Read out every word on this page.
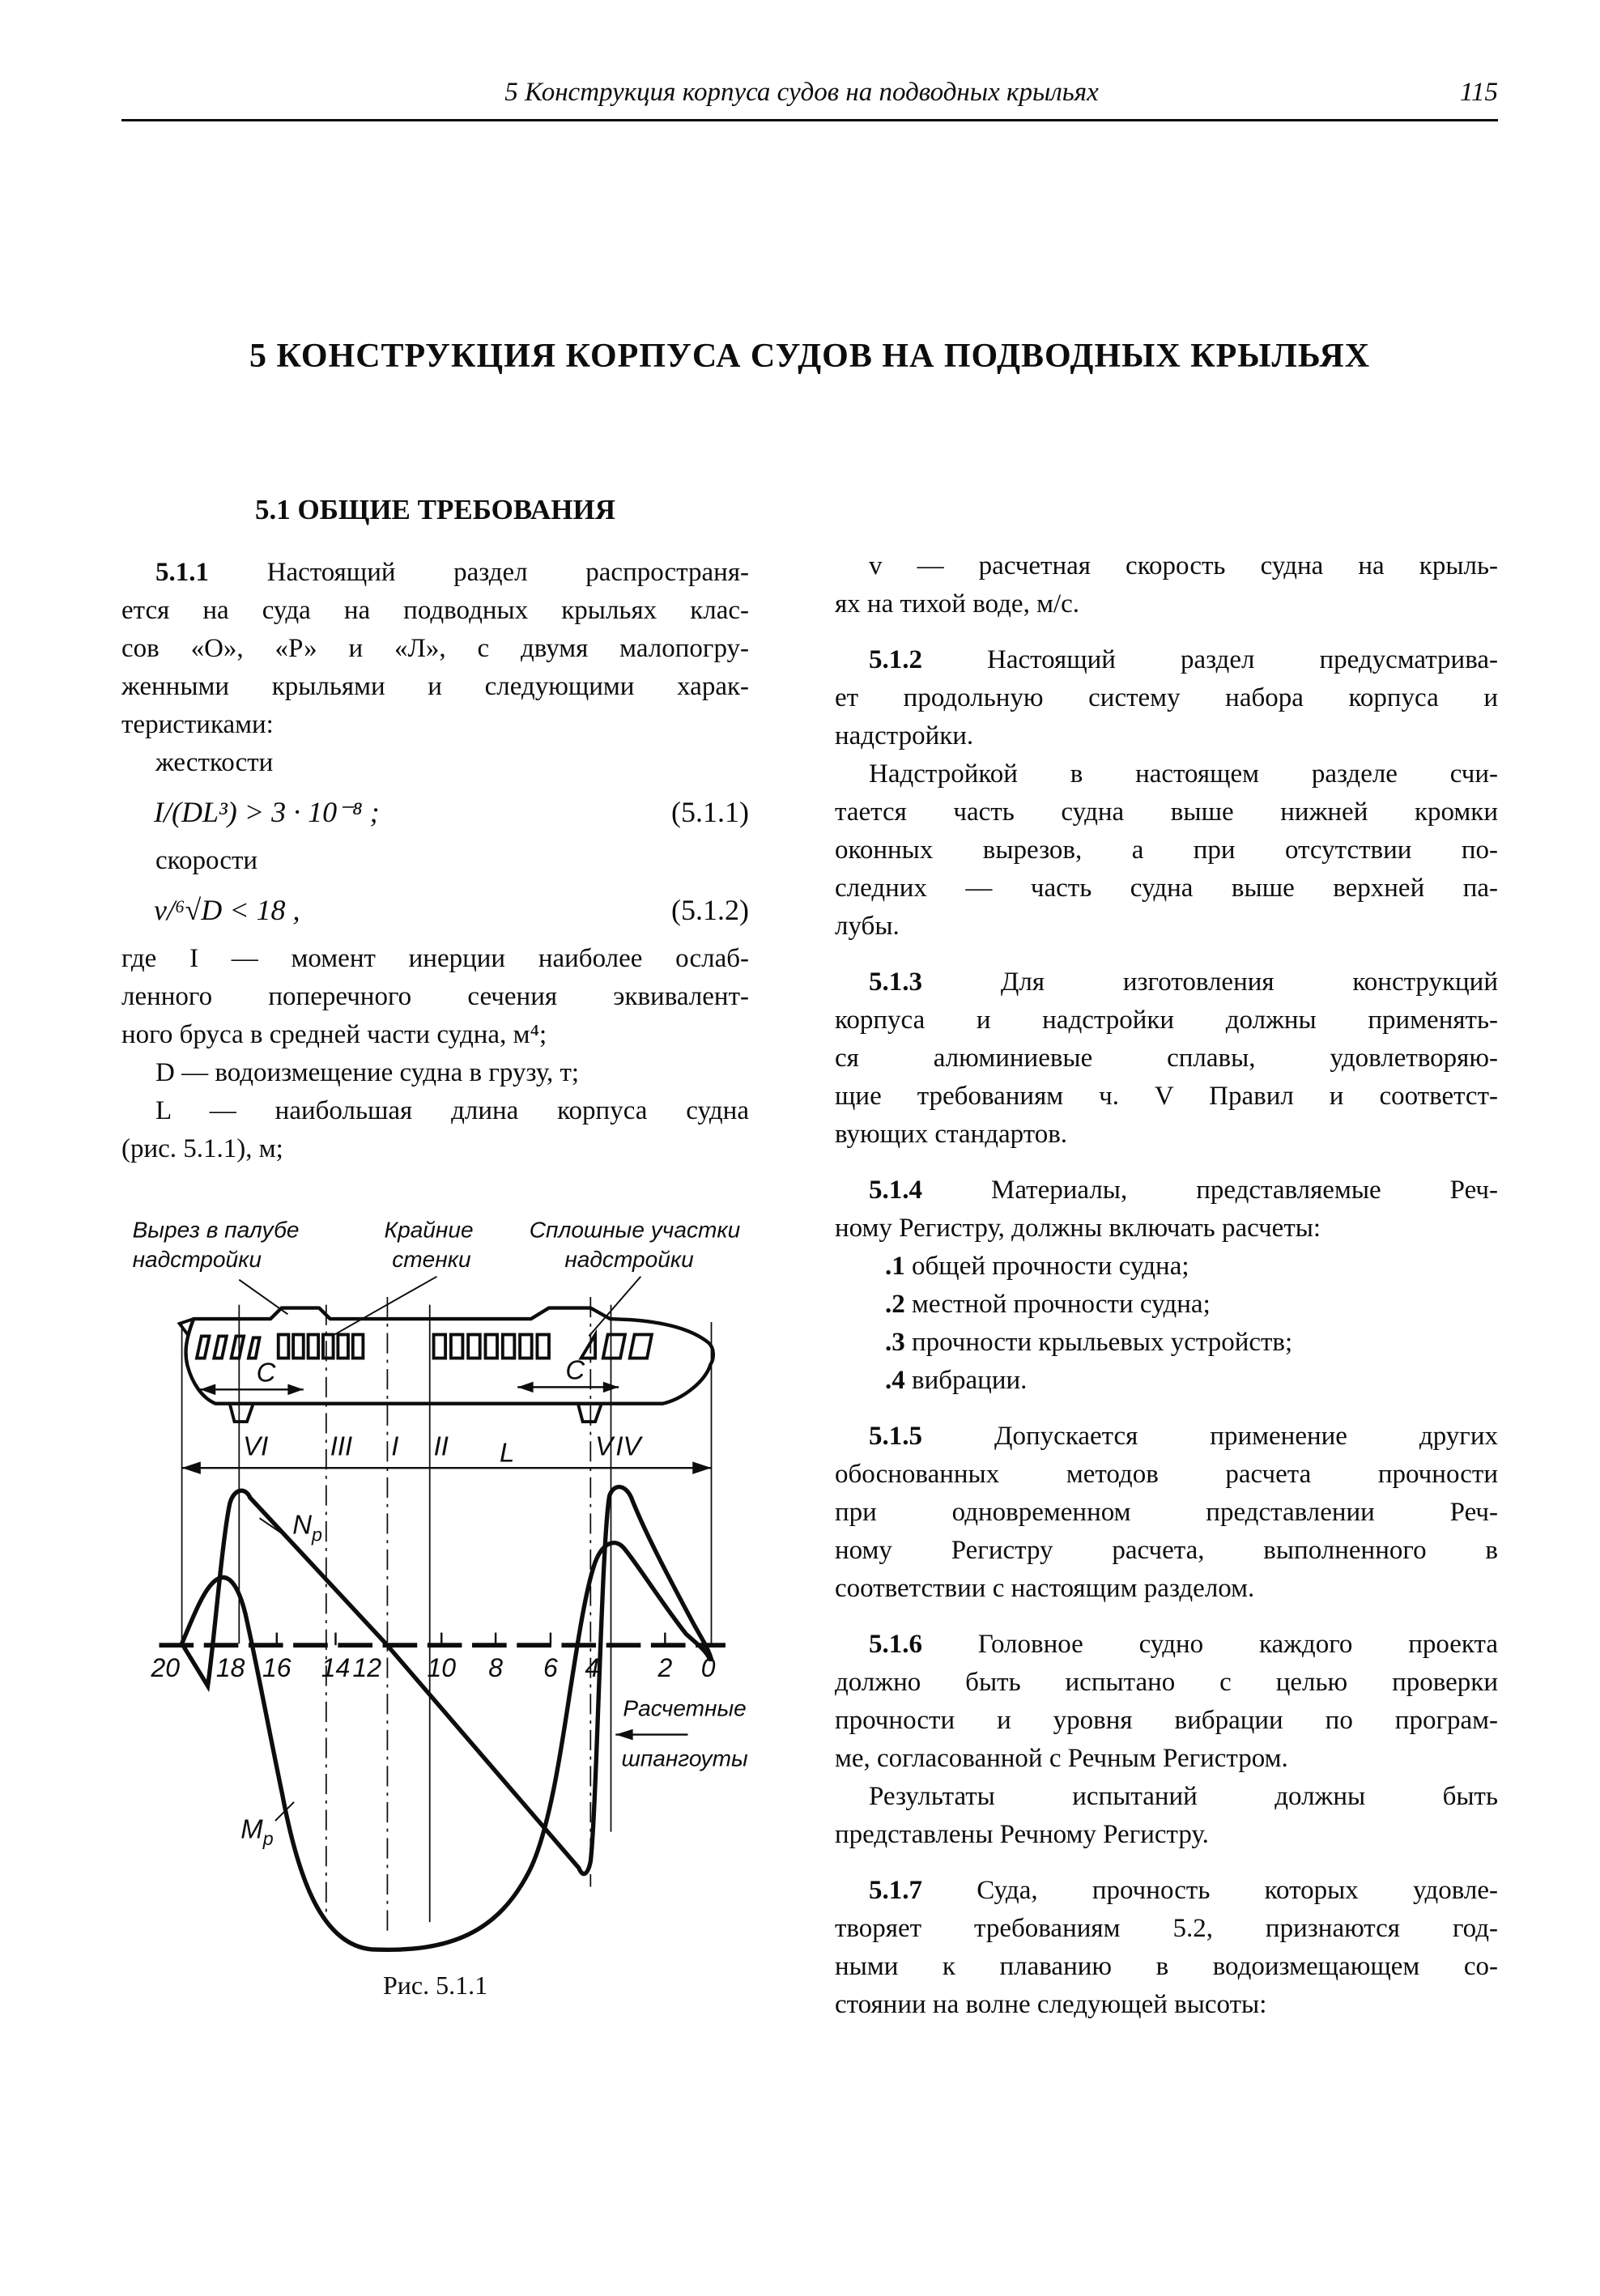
5 Конструкция корпуса судов на подводных крыльях	115
5 КОНСТРУКЦИЯ КОРПУСА СУДОВ НА ПОДВОДНЫХ КРЫЛЬЯХ
5.1 ОБЩИЕ ТРЕБОВАНИЯ
5.1.1 Настоящий раздел распространя-
ется на суда на подводных крыльях клас-
сов «О», «Р» и «Л», с двумя малопогру-
женными крыльями и следующими харак-
теристиками:
жесткости
I/(DL³) > 3 · 10⁻⁸ ;	(5.1.1)
скорости
v/⁶√D < 18 ,	(5.1.2)
где I — момент инерции наиболее ослаб-
ленного поперечного сечения эквивалент-
ного бруса в средней части судна, м⁴;
D — водоизмещение судна в грузу, т;
L — наибольшая длина корпуса судна
(рис. 5.1.1), м;
Вырез в палубе
надстройки
Крайние
стенки
Сплошные участки
надстройки
C	C
VI III I II	V IV
L
$N_p$
$M_p$
20 18 16 14 12 10 8 6 4 2 0
Расчетные
шпангоуты
Рис. 5.1.1
v — расчетная скорость судна на крыль-
ях на тихой воде, м/с.
5.1.2 Настоящий раздел предусматрива-
ет продольную систему набора корпуса и
надстройки.
Надстройкой в настоящем разделе счи-
тается часть судна выше нижней кромки
оконных вырезов, а при отсутствии по-
следних — часть судна выше верхней па-
лубы.
5.1.3 Для изготовления конструкций
корпуса и надстройки должны применять-
ся алюминиевые сплавы, удовлетворяю-
щие требованиям ч. V Правил и соответст-
вующих стандартов.
5.1.4 Материалы, представляемые Реч-
ному Регистру, должны включать расчеты:
.1 общей прочности судна;
.2 местной прочности судна;
.3 прочности крыльевых устройств;
.4 вибрации.
5.1.5 Допускается применение других
обоснованных методов расчета прочности
при одновременном представлении Реч-
ному Регистру расчета, выполненного в
соответствии с настоящим разделом.
5.1.6 Головное судно каждого проекта
должно быть испытано с целью проверки
прочности и уровня вибрации по програм-
ме, согласованной с Речным Регистром.
Результаты испытаний должны быть
представлены Речному Регистру.
5.1.7 Суда, прочность которых удовле-
творяет требованиям 5.2, признаются год-
ными к плаванию в водоизмещающем со-
стоянии на волне следующей высоты:
